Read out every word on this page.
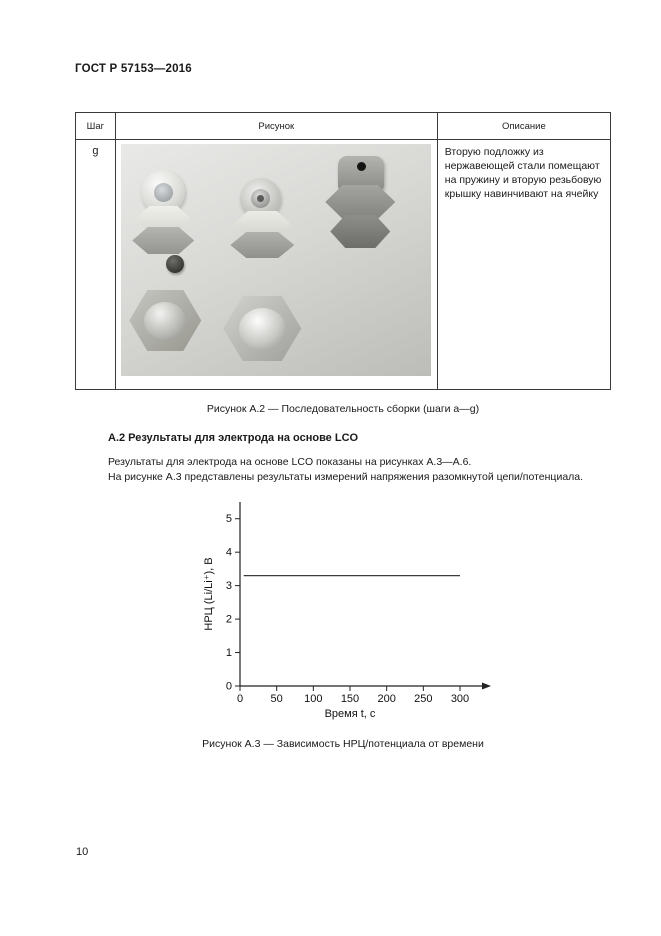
ГОСТ Р 57153—2016
Шаг	Рисунок	Описание
g		Вторую подложку из нержавеющей стали помещают на пружину и вторую резьбовую крышку навинчивают на ячейку
Рисунок А.2 — Последовательность сборки (шаги a—g)
А.2 Результаты для электрода на основе LCO

Результаты для электрода на основе LCO показаны на рисунках А.3—А.6.

На рисунке А.3 представлены результаты измерений напряжения разомкнутой цепи/потенциала.

0
1
2
3
4
5
0 50 100 150 200 250 300
Время t, с
НРЦ (Li/Li⁺), В
Рисунок А.3 — Зависимость НРЦ/потенциала от времени
10
